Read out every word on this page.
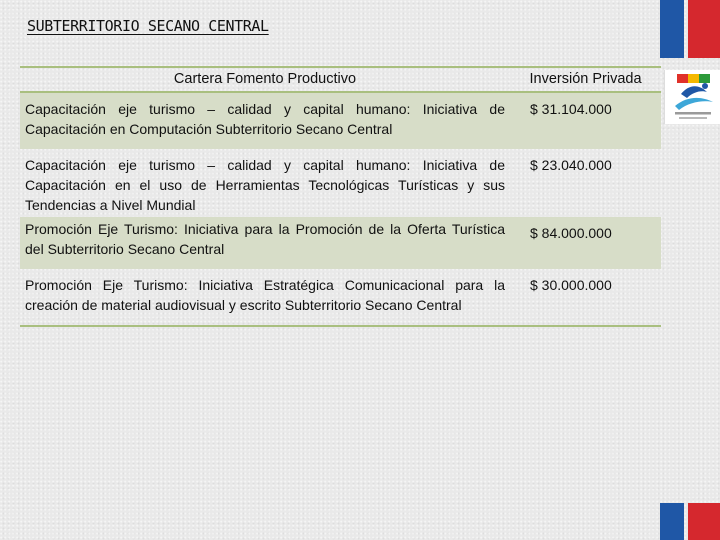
SUBTERRITORIO SECANO CENTRAL
Cartera Fomento Productivo	Inversión Privada
Capacitación eje turismo – calidad y capital humano: Iniciativa de Capacitación en Computación Subterritorio Secano Central	$ 31.104.000
Capacitación eje turismo – calidad y capital humano: Iniciativa de Capacitación en el uso de Herramientas Tecnológicas Turísticas y sus Tendencias a Nivel Mundial	$ 23.040.000
Promoción Eje Turismo: Iniciativa para la Promoción de la Oferta Turística del Subterritorio Secano Central	$ 84.000.000
Promoción Eje Turismo: Iniciativa Estratégica Comunicacional para la creación de material audiovisual y escrito Subterritorio Secano Central	$ 30.000.000
